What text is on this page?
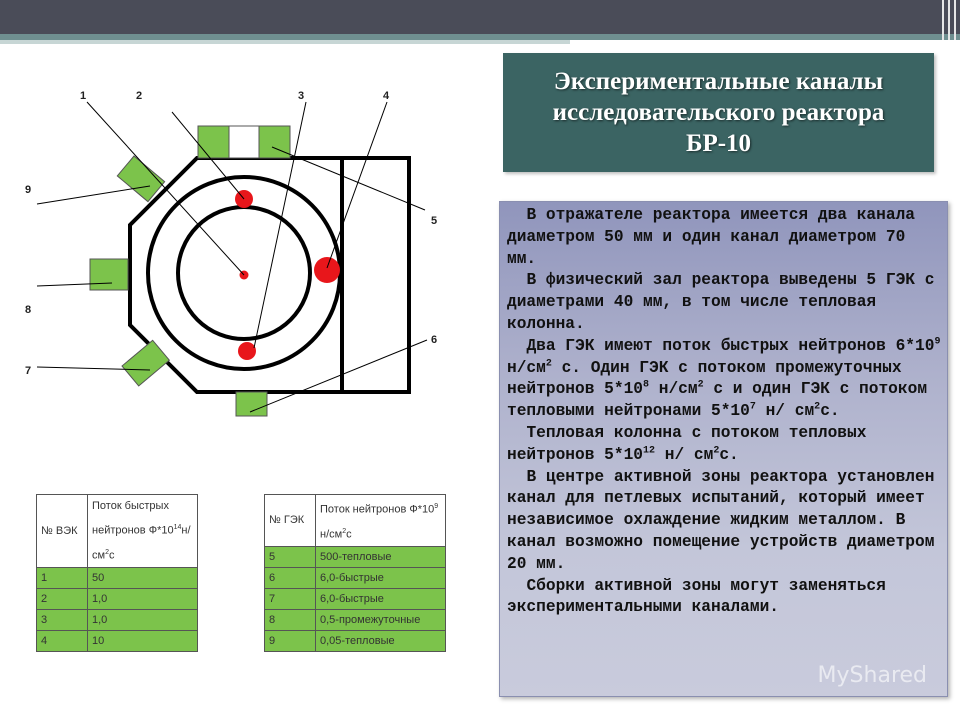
1	2	3	4
5
6
7
8
9
Экспериментальные каналы
исследовательского реактора
БР-10

В отражателе реактора имеется два канала диаметром 50 мм и один канал диаметром 70 мм.

В физический зал реактора выведены 5 ГЭК с диаметрами 40 мм, в том числе тепловая колонна.

Два ГЭК имеют поток быстрых нейтронов $6*10^9$ $н/см^2$ с. Один ГЭК с потоком промежуточных нейтронов $5*10^8$ $н/см^2$ с и один ГЭК с потоком тепловыми нейтронами $5*10^7$ н/ $см^2с$.

Тепловая колонна с потоком тепловых нейтронов $5*10^{12}$ н/ $см^2с$.

В центре активной зоны реактора установлен канал для петлевых испытаний, который имеет независимое охлаждение жидким металлом. В канал возможно помещение устройств диаметром 20 мм.

Сборки активной зоны могут заменяться экспериментальными каналами.

MyShared
№ ВЭК	Поток быстрых нейтронов $Ф*10^{14}н/см^2с$
1	50
2	1,0
3	1,0
4	10
№ ГЭК	Поток нейтронов $Ф*10^9$ $н/см^2с$
5	500-тепловые
6	6,0-быстрые
7	6,0-быстрые
8	0,5-промежуточные
9	0,05-тепловые
